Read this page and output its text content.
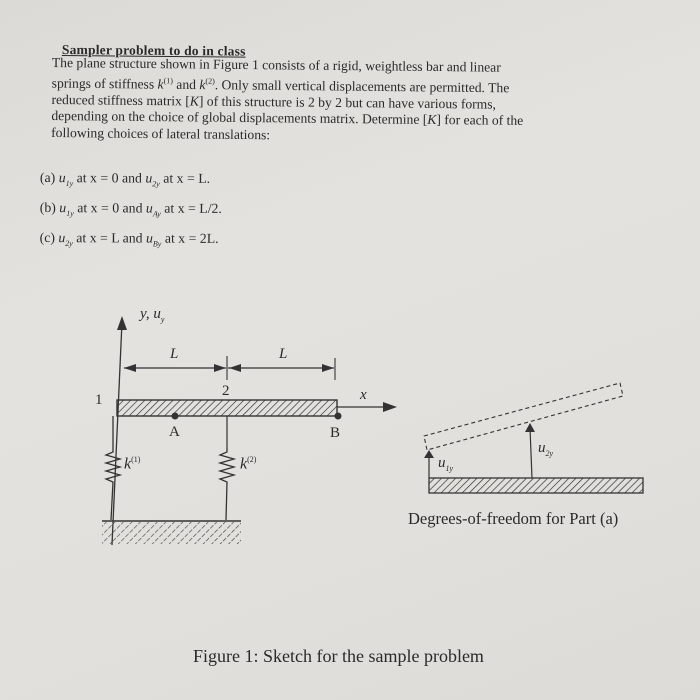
Sampler problem to do in class
The plane structure shown in Figure 1 consists of a rigid, weightless bar and linear
springs of stiffness $k^{(1)}$ and $k^{(2)}$. Only small vertical displacements are permitted. The
reduced stiffness matrix [K] of this structure is 2 by 2 but can have various forms,
depending on the choice of global displacements matrix. Determine [K] for each of the
following choices of lateral translations:
(a) $u_{1y}$ at x = 0 and $u_{2y}$ at x = L.
(b) $u_{1y}$ at x = 0 and $u_{Ay}$ at x = L/2.
(c) $u_{2y}$ at x = L and $u_{By}$ at x = 2L.
y, $u_y$
L	L
1
2	x
A	B
$k^{(1)}$	$k^{(2)}$	$u_{1y}$
$u_{2y}$
Degrees-of-freedom for Part (a)
Figure 1: Sketch for the sample problem
